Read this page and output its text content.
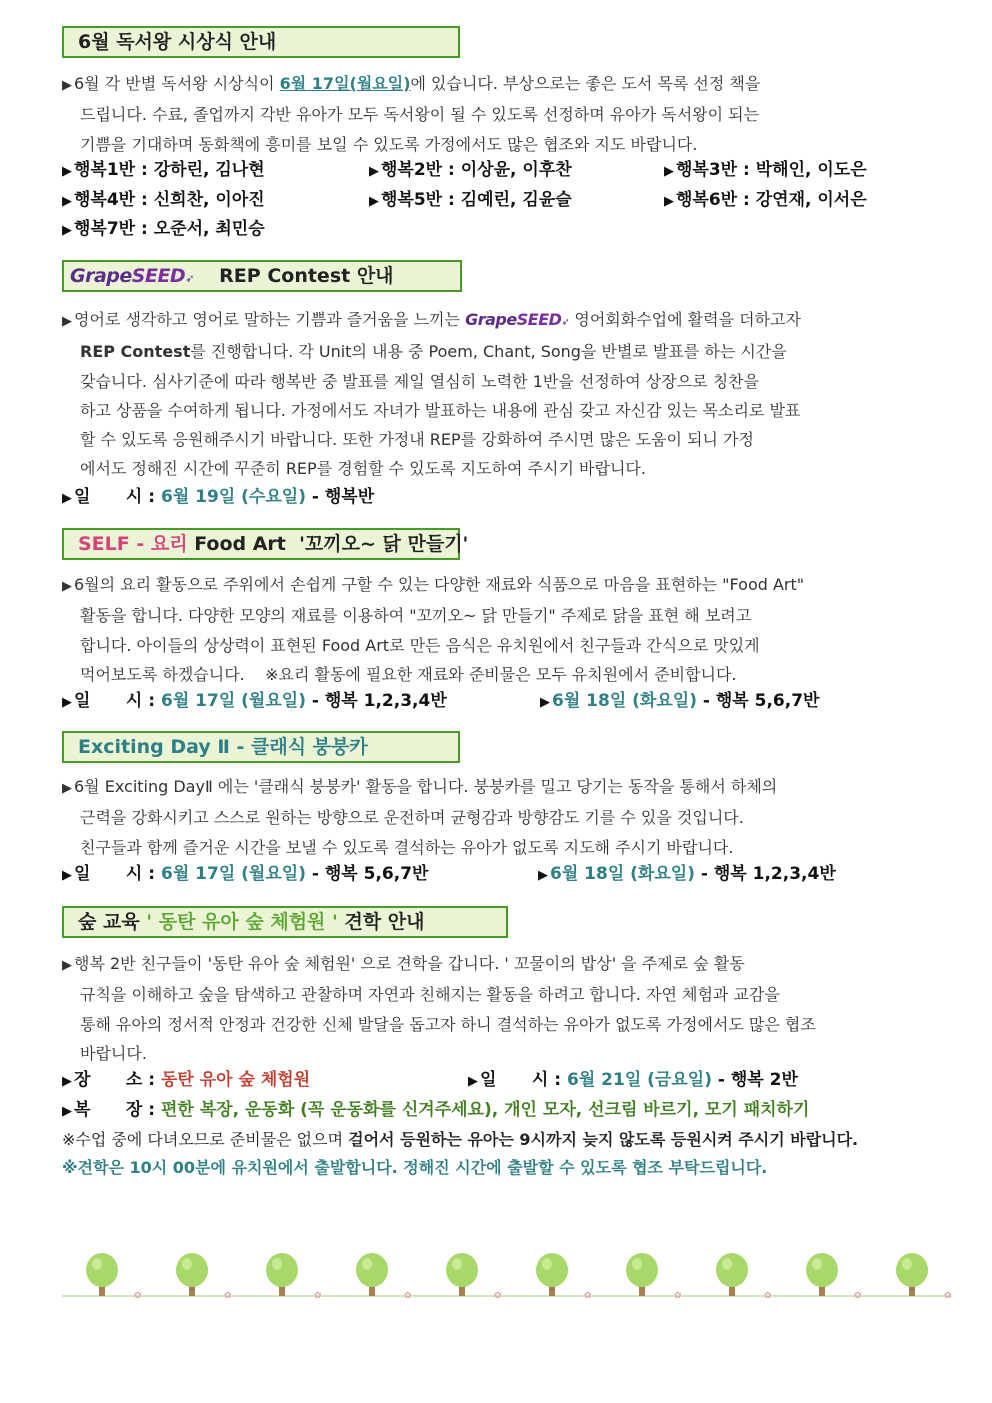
6월 독서왕 시상식 안내

▶ 6월 각 반별 독서왕 시상식이 6월 17일(월요일)에 있습니다. 부상으로는 좋은 도서 목록 선정 책을
드립니다. 수료, 졸업까지 각반 유아가 모두 독서왕이 될 수 있도록 선정하며 유아가 독서왕이 되는
기쁨을 기대하며 동화책에 흥미를 보일 수 있도록 가정에서도 많은 협조와 지도 바랍니다.

▶ 행복1반 : 강하린, 김나현	▶ 행복2반 : 이상윤, 이후찬	▶ 행복3반 : 박해인, 이도은
▶ 행복4반 : 신희찬, 이아진	▶ 행복5반 : 김예린, 김윤슬	▶ 행복6반 : 강연재, 이서은
▶ 행복7반 : 오준서, 최민승
GrapeSEED➶ REP Contest 안내

▶ 영어로 생각하고 영어로 말하는 기쁨과 즐거움을 느끼는 GrapeSEED➶ 영어회화수업에 활력을 더하고자
REP Contest를 진행합니다. 각 Unit의 내용 중 Poem, Chant, Song을 반별로 발표를 하는 시간을
갖습니다. 심사기준에 따라 행복반 중 발표를 제일 열심히 노력한 1반을 선정하여 상장으로 칭찬을
하고 상품을 수여하게 됩니다. 가정에서도 자녀가 발표하는 내용에 관심 갖고 자신감 있는 목소리로 발표
할 수 있도록 응원해주시기 바랍니다. 또한 가정내 REP를 강화하여 주시면 많은 도움이 되니 가정
에서도 정해진 시간에 꾸준히 REP를 경험할 수 있도록 지도하여 주시기 바랍니다.

▶ 일      시 : 6월 19일 (수요일) - 행복반
SELF - 요리 Food Art  '꼬끼오~ 닭 만들기'

▶ 6월의 요리 활동으로 주위에서 손쉽게 구할 수 있는 다양한 재료와 식품으로 마음을 표현하는 "Food Art"
활동을 합니다. 다양한 모양의 재료를 이용하여 "꼬끼오~ 닭 만들기" 주제로 닭을 표현 해 보려고
합니다. 아이들의 상상력이 표현된 Food Art로 만든 음식은 유치원에서 친구들과 간식으로 맛있게
먹어보도록 하겠습니다.    ※요리 활동에 필요한 재료와 준비물은 모두 유치원에서 준비합니다.

▶ 일      시 : 6월 17일 (월요일) - 행복 1,2,3,4반	▶ 6월 18일 (화요일) - 행복 5,6,7반
Exciting Day Ⅱ - 클래식 붕붕카

▶ 6월 Exciting DayⅡ 에는 '클래식 붕붕카' 활동을 합니다. 붕붕카를 밀고 당기는 동작을 통해서 하체의
근력을 강화시키고 스스로 원하는 방향으로 운전하며 균형감과 방향감도 기를 수 있을 것입니다.
친구들과 함께 즐거운 시간을 보낼 수 있도록 결석하는 유아가 없도록 지도해 주시기 바랍니다.

▶ 일      시 : 6월 17일 (월요일) - 행복 5,6,7반	▶ 6월 18일 (화요일) - 행복 1,2,3,4반
숲 교육 ' 동탄 유아 숲 체험원 ' 견학 안내

▶ 행복 2반 친구들이 '동탄 유아 숲 체험원' 으로 견학을 갑니다. ' 꼬물이의 밥상' 을 주제로 숲 활동
규칙을 이해하고 숲을 탐색하고 관찰하며 자연과 친해지는 활동을 하려고 합니다. 자연 체험과 교감을
통해 유아의 정서적 안정과 건강한 신체 발달을 돕고자 하니 결석하는 유아가 없도록 가정에서도 많은 협조
바랍니다.

▶ 장      소 : 동탄 유아 숲 체험원	▶ 일      시 : 6월 21일 (금요일) - 행복 2반
▶ 복      장 : 편한 복장, 운동화 (꼭 운동화를 신겨주세요), 개인 모자, 선크림 바르기, 모기 패치하기
※수업 중에 다녀오므로 준비물은 없으며 걸어서 등원하는 유아는 9시까지 늦지 않도록 등원시켜 주시기 바랍니다.
※견학은 10시 00분에 유치원에서 출발합니다. 정해진 시간에 출발할 수 있도록 협조 부탁드립니다.
✿	✿	✿	✿	✿	✿	✿	✿	✿	✿
